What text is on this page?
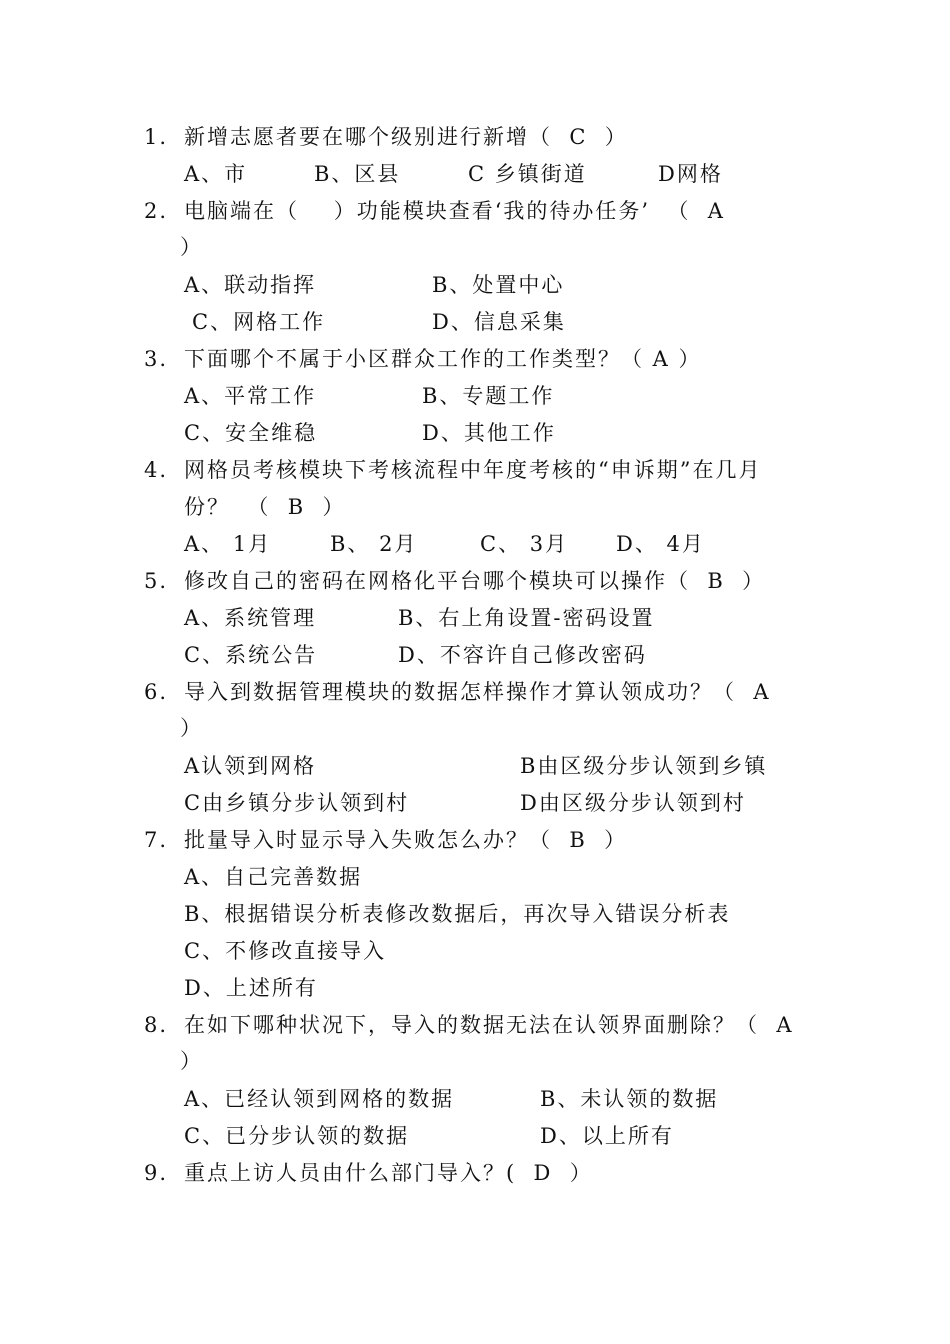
1. 新增志愿者要在哪个级别进行新增（  C  ）
A、市	B、区县	C 乡镇街道	D网格
2. 电脑端在（    ）功能模块查看‘我的待办任务’  （  A
）
A、联动指挥	B、处置中心
C、网格工作	D、信息采集
3. 下面哪个不属于小区群众工作的工作类型？（ A ）
A、平常工作	B、专题工作
C、安全维稳	D、其他工作
4. 网格员考核模块下考核流程中年度考核的“申诉期”在几月
份？  （  B  ）
A、 1月	B、 2月	C、 3月 D、 4月
5. 修改自己的密码在网格化平台哪个模块可以操作（  B  ）
A、系统管理	B、右上角设置-密码设置
C、系统公告	D、不容许自己修改密码
6. 导入到数据管理模块的数据怎样操作才算认领成功？（  A
）
A认领到网格	B由区级分步认领到乡镇
C由乡镇分步认领到村	D由区级分步认领到村
7. 批量导入时显示导入失败怎么办？（  B  ）
A、自己完善数据
B、根据错误分析表修改数据后，再次导入错误分析表
C、不修改直接导入
D、上述所有
8. 在如下哪种状况下，导入的数据无法在认领界面删除？（  A
）
A、已经认领到网格的数据	B、未认领的数据
C、已分步认领的数据	D、以上所有
9. 重点上访人员由什么部门导入？(  D  ）
